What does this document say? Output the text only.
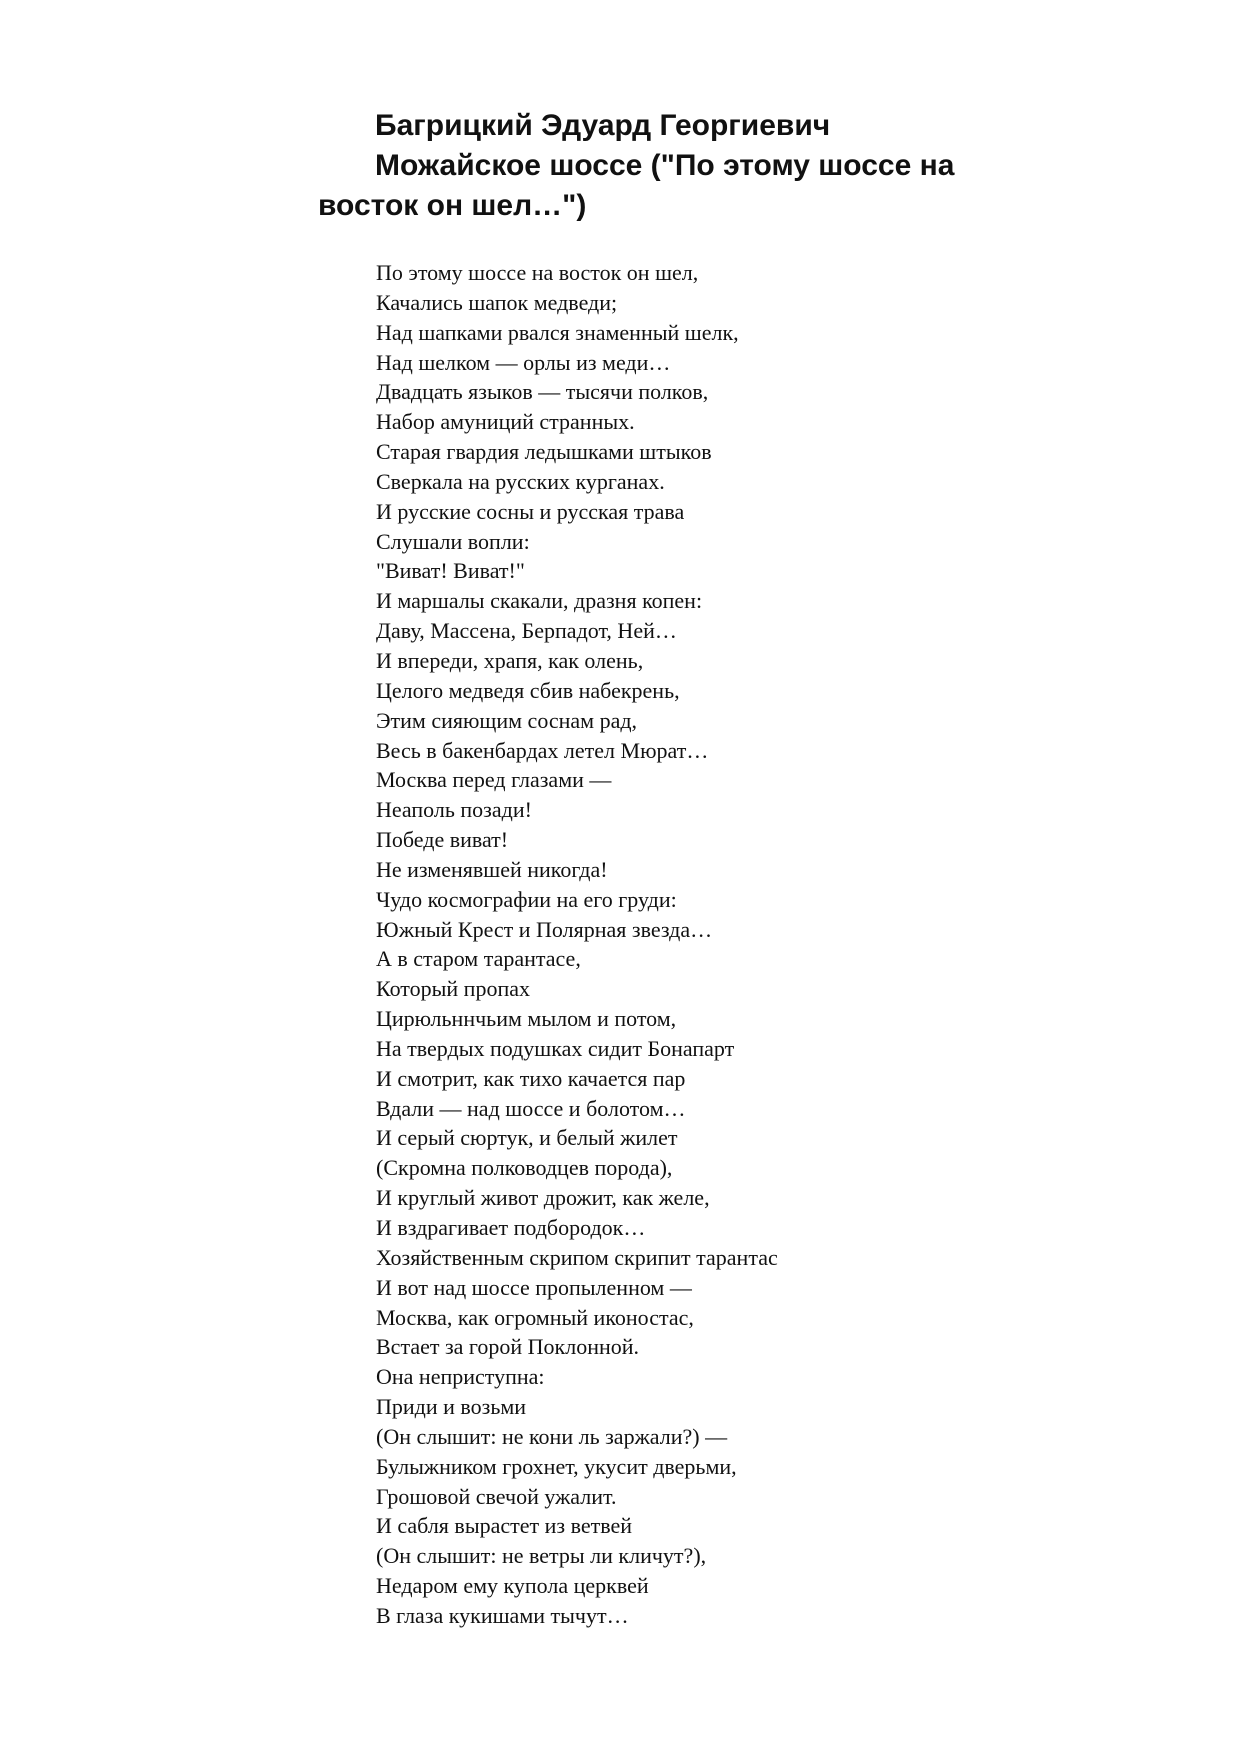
Багрицкий Эдуард Георгиевич
Можайское шоссе ("По этому шоссе на
восток он шел…")
По этому шоссе на восток он шел,
Качались шапок медведи;
Над шапками рвался знаменный шелк,
Над шелком — орлы из меди…
Двадцать языков — тысячи полков,
Набор амуниций странных.
Старая гвардия ледышками штыков
Сверкала на русских курганах.
И русские сосны и русская трава
Слушали вопли:
"Виват! Виват!"
И маршалы скакали, дразня копен:
Даву, Массена, Берпадот, Ней…
И впереди, храпя, как олень,
Целого медведя сбив набекрень,
Этим сияющим соснам рад,
Весь в бакенбардах летел Мюрат…
Москва перед глазами —
Неаполь позади!
Победе виват!
Не изменявшей никогда!
Чудо космографии на его груди:
Южный Крест и Полярная звезда…
А в старом тарантасе,
Который пропах
Цирюльннчьим мылом и потом,
На твердых подушках сидит Бонапарт
И смотрит, как тихо качается пар
Вдали — над шоссе и болотом…
И серый сюртук, и белый жилет
(Скромна полководцев порода),
И круглый живот дрожит, как желе,
И вздрагивает подбородок…
Хозяйственным скрипом скрипит тарантас
И вот над шоссе пропыленном —
Москва, как огромный иконостас,
Встает за горой Поклонной.
Она неприступна:
Приди и возьми
(Он слышит: не кони ль заржали?) —
Булыжником грохнет, укусит дверьми,
Грошовой свечой ужалит.
И сабля вырастет из ветвей
(Он слышит: не ветры ли кличут?),
Недаром ему купола церквей
В глаза кукишами тычут…
